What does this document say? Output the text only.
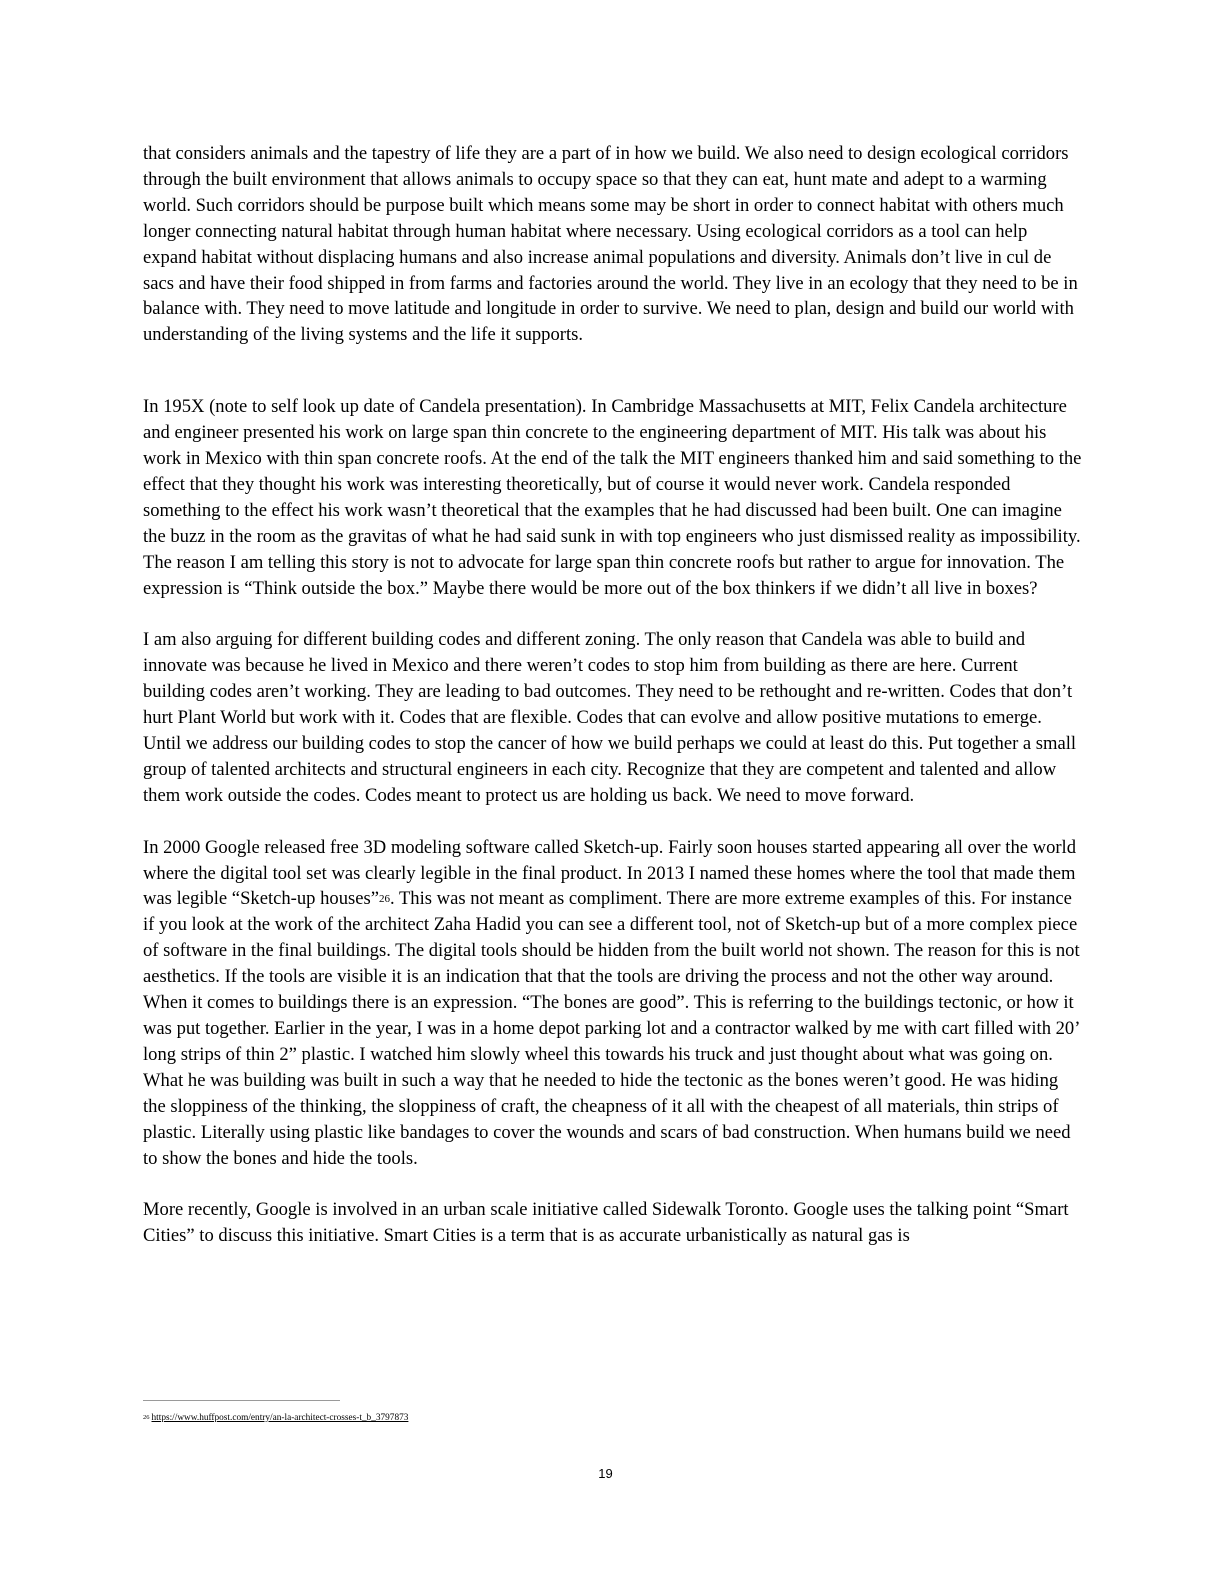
that considers animals and the tapestry of life they are a part of in how we build. We also need to design ecological corridors through the built environment that allows animals to occupy space so that they can eat, hunt mate and adept to a warming world. Such corridors should be purpose built which means some may be short in order to connect habitat with others much longer connecting natural habitat through human habitat where necessary. Using ecological corridors as a tool can help expand habitat without displacing humans and also increase animal populations and diversity. Animals don’t live in cul de sacs and have their food shipped in from farms and factories around the world. They live in an ecology that they need to be in balance with. They need to move latitude and longitude in order to survive. We need to plan, design and build our world with understanding of the living systems and the life it supports.

In 195X (note to self look up date of Candela presentation). In Cambridge Massachusetts at MIT, Felix Candela architecture and engineer presented his work on large span thin concrete to the engineering department of MIT. His talk was about his work in Mexico with thin span concrete roofs. At the end of the talk the MIT engineers thanked him and said something to the effect that they thought his work was interesting theoretically, but of course it would never work. Candela responded something to the effect his work wasn’t theoretical that the examples that he had discussed had been built. One can imagine the buzz in the room as the gravitas of what he had said sunk in with top engineers who just dismissed reality as impossibility. The reason I am telling this story is not to advocate for large span thin concrete roofs but rather to argue for innovation. The expression is “Think outside the box.” Maybe there would be more out of the box thinkers if we didn’t all live in boxes?

I am also arguing for different building codes and different zoning. The only reason that Candela was able to build and innovate was because he lived in Mexico and there weren’t codes to stop him from building as there are here. Current building codes aren’t working. They are leading to bad outcomes. They need to be rethought and re-written. Codes that don’t hurt Plant World but work with it. Codes that are flexible. Codes that can evolve and allow positive mutations to emerge. Until we address our building codes to stop the cancer of how we build perhaps we could at least do this. Put together a small group of talented architects and structural engineers in each city. Recognize that they are competent and talented and allow them work outside the codes. Codes meant to protect us are holding us back. We need to move forward.

In 2000 Google released free 3D modeling software called Sketch-up. Fairly soon houses started appearing all over the world where the digital tool set was clearly legible in the final product. In 2013 I named these homes where the tool that made them was legible “Sketch-up houses”$^{26}$. This was not meant as compliment. There are more extreme examples of this. For instance if you look at the work of the architect Zaha Hadid you can see a different tool, not of Sketch-up but of a more complex piece of software in the final buildings. The digital tools should be hidden from the built world not shown. The reason for this is not aesthetics. If the tools are visible it is an indication that that the tools are driving the process and not the other way around. When it comes to buildings there is an expression. “The bones are good”. This is referring to the buildings tectonic, or how it was put together. Earlier in the year, I was in a home depot parking lot and a contractor walked by me with cart filled with 20’ long strips of thin 2” plastic. I watched him slowly wheel this towards his truck and just thought about what was going on. What he was building was built in such a way that he needed to hide the tectonic as the bones weren’t good. He was hiding the sloppiness of the thinking, the sloppiness of craft, the cheapness of it all with the cheapest of all materials, thin strips of plastic. Literally using plastic like bandages to cover the wounds and scars of bad construction. When humans build we need to show the bones and hide the tools.

More recently, Google is involved in an urban scale initiative called Sidewalk Toronto. Google uses the talking point “Smart Cities” to discuss this initiative. Smart Cities is a term that is as accurate urbanistically as natural gas is

$^{26}$ https://www.huffpost.com/entry/an-la-architect-crosses-t_b_3797873
19
